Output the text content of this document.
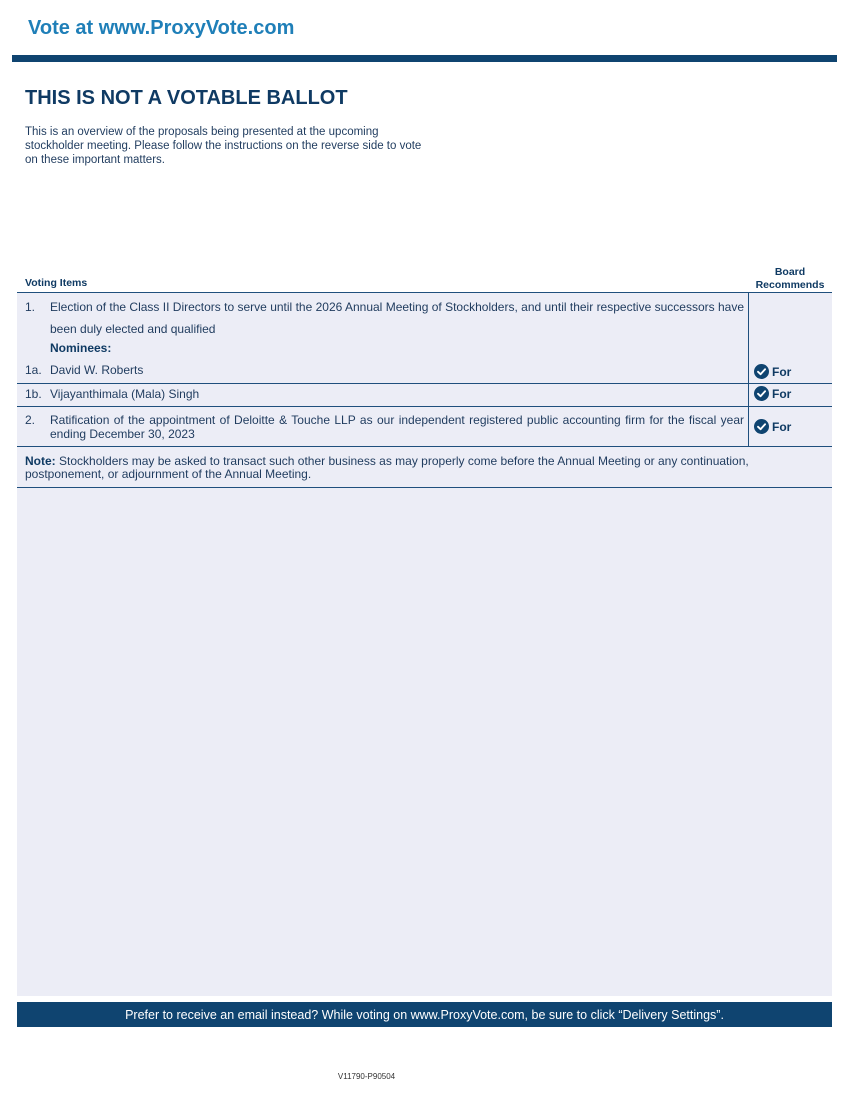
Vote at www.ProxyVote.com
THIS IS NOT A VOTABLE BALLOT

This is an overview of the proposals being presented at the upcoming stockholder meeting. Please follow the instructions on the reverse side to vote on these important matters.

Voting Items
Board
Recommends
1. Election of the Class II Directors to serve until the 2026 Annual Meeting of Stockholders, and until their respective successors have been duly elected and qualified
Nominees:
1a. David W. Roberts	For
1b. Vijayanthimala (Mala) Singh	For
2. Ratification of the appointment of Deloitte & Touche LLP as our independent registered public accounting firm for the fiscal year ending December 30, 2023
For

Note: Stockholders may be asked to transact such other business as may properly come before the Annual Meeting or any continuation, postponement, or adjournment of the Annual Meeting.

Prefer to receive an email instead? While voting on www.ProxyVote.com, be sure to click “Delivery Settings”.
V11790-P90504
